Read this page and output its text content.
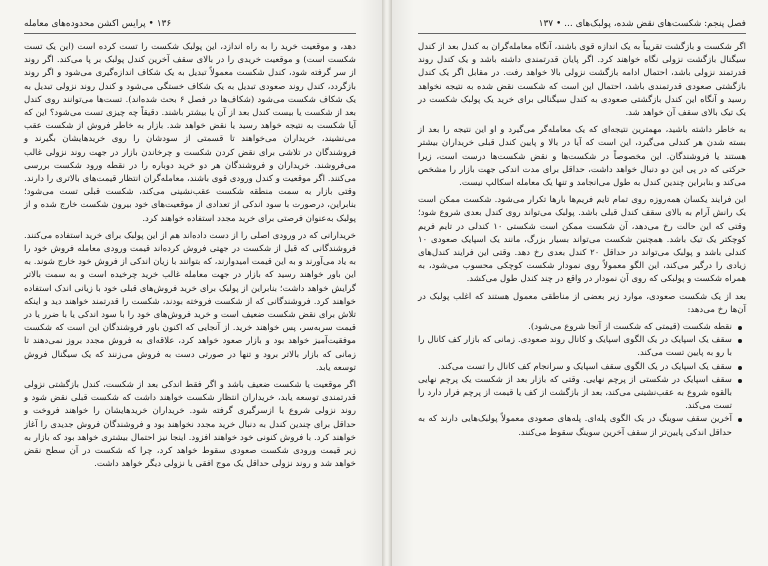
۱۳۶ • پرایس اکشن محدوده‌های معامله

دهد، و موقعیت خرید را به راه اندازد، این پولبک شکست را تست کرده است (این یک تست شکست است) و موقعیت خریدی را در بالای سقف آخرین کندل پولبک بر پا می‌کند. اگر روند از سر گرفته شود، کندل شکست معمولاً تبدیل به یک شکاف اندازه‌گیری می‌شود و اگر روند بازگردد، کندل روند صعودی تبدیل به یک شکاف خستگی می‌شود و کندل روند نزولی تبدیل به یک شکاف شکست می‌شود (شکاف‌ها در فصل ۶ بحث شده‌اند). تست‌ها می‌توانند روی کندل بعد از شکست یا بیست کندل بعد از آن یا بیشتر باشند. دقیقاً چه چیزی تست می‌شود؟ این که آیا شکست به نتیجه خواهد رسید یا نقض خواهد شد. بازار به خاطر فروش از شکست عقب می‌نشیند، خریداران می‌خواهند تا قسمتی از سودشان را روی خریدهایشان بگیرند و فروشندگان در تلاشی برای نقض کردن شکست و چرخاندن بازار در جهت روند نزولی غالب می‌فروشند. خریداران و فروشندگان هر دو خرید دوباره را در نقطه ورود شکست بررسی می‌کنند. اگر موقعیت و کندل ورودی قوی باشند، معامله‌گران انتظار قیمت‌های بالاتری را دارند. وقتی بازار به سمت منطقه شکست عقب‌نشینی می‌کند، شکست قبلی تست می‌شود؛ بنابراین، درصورت با سود اندکی از تعدادی از موقعیت‌های خود بیرون شکست خارج شده و از پولبک به‌عنوان فرصتی برای خرید مجدد استفاده خواهند کرد.

خریدارانی که در ورودی اصلی را از دست داده‌اند هم از این پولبک برای خرید استفاده می‌کنند. فروشندگانی که قبل از شکست در جهتی فروش کرده‌اند قیمت ورودی معامله فروش خود را به یاد می‌آورند و به این قیمت امیدوارند، که بتوانند با زیان اندکی از فروش خود خارج شوند. به این باور خواهند رسید که بازار در جهت معامله غالب خرید چرخیده است و به سمت بالاتر گرایش خواهد داشت؛ بنابراین از پولبک برای خرید فروش‌های قبلی خود با زیانی اندک استفاده خواهند کرد. فروشندگانی که از شکست فروخته بودند، شکست را قدرتمند خواهند دید و اینکه تلاش برای نقض شکست ضعیف است و خرید فروش‌های خود را با سود اندکی یا با ضرر یا در قیمت سربه‌سر، پس خواهند خرید. از آنجایی که اکنون باور فروشندگان این است که شکست موفقیت‌آمیز خواهد بود و بازار صعود خواهد کرد، علاقه‌ای به فروش مجدد بروز نمی‌دهند تا زمانی که بازار بالاتر برود و تنها در صورتی دست به فروش می‌زنند که یک سیگنال فروش توسعه یابد.

اگر موقعیت یا شکست ضعیف باشد و اگر فقط اندکی بعد از شکست، کندل بازگشتی نزولی قدرتمندی توسعه یابد، خریداران انتظار شکست خواهند داشت که شکست قبلی نقض شود و روند نزولی شروع یا ازسرگیری گرفته شود. خریداران خریدهایشان را خواهند فروخت و حداقل برای چندین کندل به دنبال خرید مجدد نخواهند بود و فروشندگان فروش جدیدی را آغاز خواهند کرد. با فروش کنونی خود خواهند افزود. اینجا نیز احتمال بیشتری خواهد بود که بازار به زیر قیمت ورودی شکست صعودی سقوط خواهد کرد، چرا که شکست در آن سطح نقض خواهد شد و روند نزولی حداقل یک موج افقی یا نزولی دیگر خواهد داشت.

فصل پنجم: شکست‌های نقض شده، پولبک‌های ... • ۱۳۷

اگر شکست و بازگشت تقریباً به یک اندازه قوی باشند، آنگاه معامله‌گران به کندل بعد از کندل سیگنال بازگشت نزولی نگاه خواهند کرد. اگر پایان قدرتمندی داشته باشد و یک کندل روند قدرتمند نزولی باشد، احتمال ادامه بازگشت نزولی بالا خواهد رفت. در مقابل اگر یک کندل بازگشتی صعودی قدرتمندی باشد، احتمال این است که شکست نقض شده به نتیجه نخواهد رسید و آنگاه این کندل بازگشتی صعودی به کندل سیگنالی برای خرید یک پولبک شکست در یک تیک بالای سقف آن خواهد شد.

به خاطر داشته باشید، مهمترین نتیجه‌ای که یک معامله‌گر می‌گیرد و او این نتیجه را بعد از بسته شدن هر کندلی می‌گیرد، این است که آیا در بالا و پایین کندل قبلی خریداران بیشتر هستند یا فروشندگان. این مخصوصاً در شکست‌ها و نقض شکست‌ها درست است، زیرا حرکتی که در پی این دو دنبال خواهد داشت، حداقل برای مدت اندکی جهت بازار را مشخص می‌کند و بنابراین چندین کندل به طول می‌انجامد و تنها یک معامله اسکالپ نیست.

این فرایند یکسان همه‌روزه روی تمام تایم فریم‌ها بارها تکرار می‌شود. شکست ممکن است یک رانش آرام به بالای سقف کندل قبلی باشد. پولبک می‌تواند روی کندل بعدی شروع شود؛ وقتی که این حالت رخ می‌دهد، آن شکست ممکن است شکستی ۱۰ کندلی در تایم فریم کوچکتر یک تیک باشد. همچنین شکست می‌تواند بسیار بزرگ، مانند یک اسپایک صعودی ۱۰ کندلی باشد و پولبک می‌تواند در حداقل ۲۰ کندل بعدی رخ دهد. وقتی این فرایند کندل‌های زیادی را درگیر می‌کند، این الگو معمولاً روی نمودار شکست کوچکی محسوب می‌شود، به همراه شکست و پولبکی که روی آن نمودار در واقع در چند کندل طول می‌کشد.

بعد از یک شکست صعودی، موارد زیر بعضی از مناطقی معمول هستند که اغلب پولبک در آن‌ها رخ می‌دهد:

نقطه شکست (قیمتی که شکست از آنجا شروع می‌شود).
سقف یک اسپایک در یک الگوی اسپایک و کانال روند صعودی. زمانی که بازار کف کانال را با رو به پایین تست می‌کند.
سقف یک اسپایک در یک الگوی سقف اسپایک و سرانجام کف کانال را تست می‌کند.
سقف اسپایک در شکستی از پرچم نهایی. وقتی که بازار بعد از شکست یک پرچم نهایی بالقوه شروع به عقب‌نشینی می‌کند، بعد از بازگشت از کف یا قیمت از پرچم فرار دارد را تست می‌کند.
آخرین سقف سوینگ در یک الگوی پله‌ای. پله‌های صعودی معمولاً پولبک‌هایی دارند که به حداقل اندکی پایین‌تر از سقف آخرین سوینگ سقوط می‌کنند.
